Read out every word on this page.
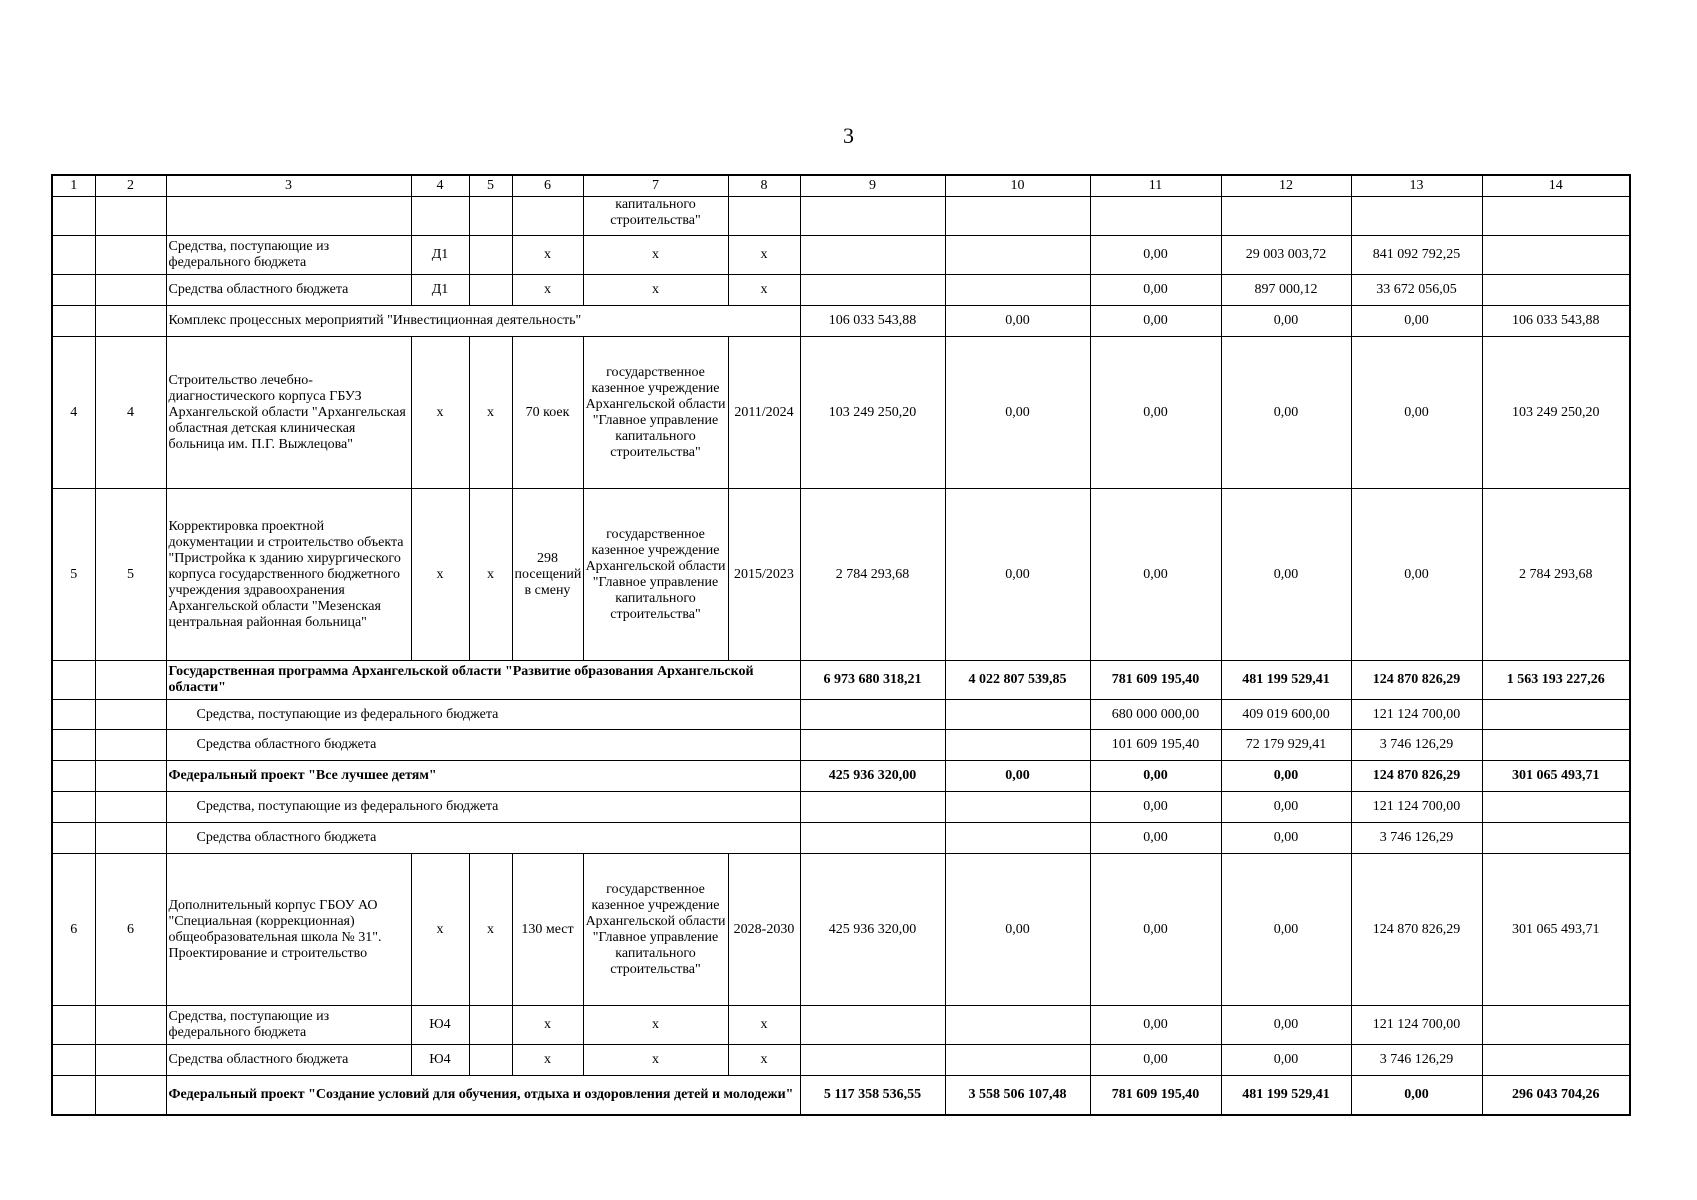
3
1	2	3	4	5	6	7	8	9	10	11	12	13	14
						капитального строительства"							
		Средства, поступающие из федерального бюджета	Д1		х	х	х			0,00	29 003 003,72	841 092 792,25	
		Средства областного бюджета	Д1		х	х	х			0,00	897 000,12	33 672 056,05	
		Комплекс процессных мероприятий "Инвестиционная деятельность"						106 033 543,88	0,00	0,00	0,00	0,00	106 033 543,88
4	4	Строительство лечебно-диагностического корпуса ГБУЗ Архангельской области "Архангельская областная детская клиническая больница им. П.Г. Выжлецова"	х	х	70 коек	государственное казенное учреждение Архангельской области "Главное управление капитального строительства"	2011/2024	103 249 250,20	0,00	0,00	0,00	0,00	103 249 250,20
5	5	Корректировка проектной документации и строительство объекта "Пристройка к зданию хирургического корпуса государственного бюджетного учреждения здравоохранения Архангельской области "Мезенская центральная районная больница"	х	х	298 посещений в смену	государственное казенное учреждение Архангельской области "Главное управление капитального строительства"	2015/2023	2 784 293,68	0,00	0,00	0,00	0,00	2 784 293,68
		Государственная программа Архангельской области "Развитие образования Архангельской области"						6 973 680 318,21	4 022 807 539,85	781 609 195,40	481 199 529,41	124 870 826,29	1 563 193 227,26
		Средства, поступающие из федерального бюджета								680 000 000,00	409 019 600,00	121 124 700,00	
		Средства областного бюджета								101 609 195,40	72 179 929,41	3 746 126,29	
		Федеральный проект "Все лучшее детям"						425 936 320,00	0,00	0,00	0,00	124 870 826,29	301 065 493,71
		Средства, поступающие из федерального бюджета								0,00	0,00	121 124 700,00	
		Средства областного бюджета								0,00	0,00	3 746 126,29	
6	6	Дополнительный корпус ГБОУ АО "Специальная (коррекционная) общеобразовательная школа № 31". Проектирование и строительство	х	х	130 мест	государственное казенное учреждение Архангельской области "Главное управление капитального строительства"	2028-2030	425 936 320,00	0,00	0,00	0,00	124 870 826,29	301 065 493,71
		Средства, поступающие из федерального бюджета	Ю4		х	х	х			0,00	0,00	121 124 700,00	
		Средства областного бюджета	Ю4		х	х	х			0,00	0,00	3 746 126,29	
		Федеральный проект "Создание условий для обучения, отдыха и оздоровления детей и молодежи"						5 117 358 536,55	3 558 506 107,48	781 609 195,40	481 199 529,41	0,00	296 043 704,26
